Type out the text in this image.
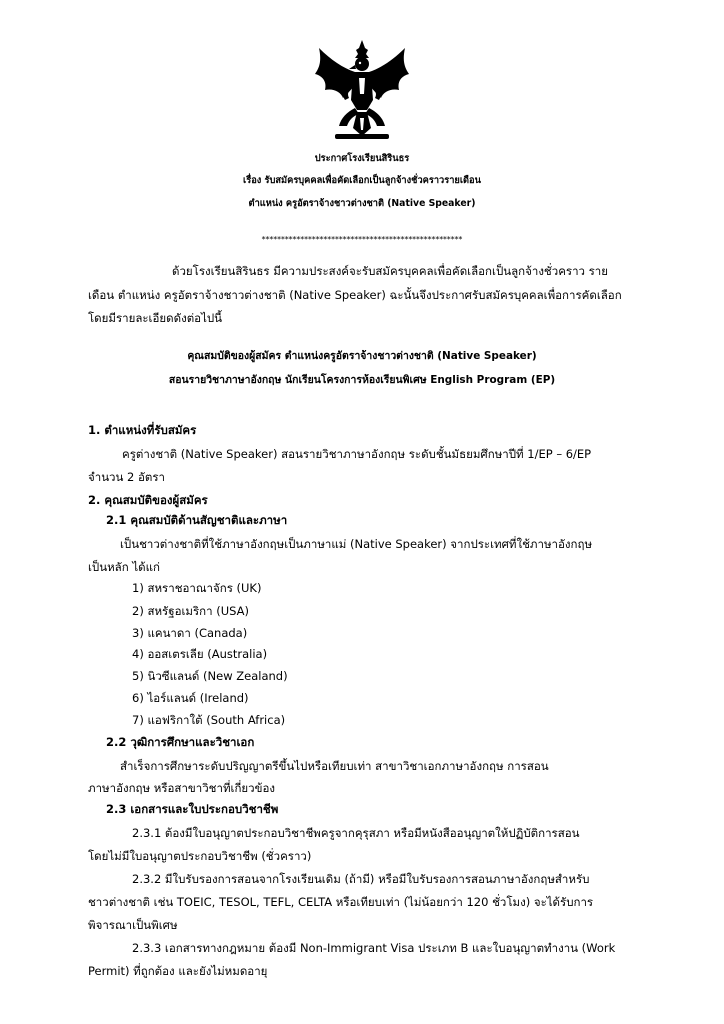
ประกาศโรงเรียนสิรินธร
เรื่อง รับสมัครบุคคลเพื่อคัดเลือกเป็นลูกจ้างชั่วคราวรายเดือน
ตำแหน่ง ครูอัตราจ้างชาวต่างชาติ (Native Speaker)
****************************************************
ด้วยโรงเรียนสิรินธร มีความประสงค์จะรับสมัครบุคคลเพื่อคัดเลือกเป็นลูกจ้างชั่วคราว ราย
เดือน ตำแหน่ง ครูอัตราจ้างชาวต่างชาติ (Native Speaker) ฉะนั้นจึงประกาศรับสมัครบุคคลเพื่อการคัดเลือก
โดยมีรายละเอียดดังต่อไปนี้
คุณสมบัติของผู้สมัคร ตำแหน่งครูอัตราจ้างชาวต่างชาติ (Native Speaker)
สอนรายวิชาภาษาอังกฤษ นักเรียนโครงการห้องเรียนพิเศษ English Program (EP)
1. ตำแหน่งที่รับสมัคร
ครูต่างชาติ (Native Speaker) สอนรายวิชาภาษาอังกฤษ ระดับชั้นมัธยมศึกษาปีที่ 1/EP – 6/EP
จำนวน 2 อัตรา
2. คุณสมบัติของผู้สมัคร
2.1 คุณสมบัติด้านสัญชาติและภาษา
เป็นชาวต่างชาติที่ใช้ภาษาอังกฤษเป็นภาษาแม่ (Native Speaker) จากประเทศที่ใช้ภาษาอังกฤษ
เป็นหลัก ได้แก่
1) สหราชอาณาจักร (UK)
2) สหรัฐอเมริกา (USA)
3) แคนาดา (Canada)
4) ออสเตรเลีย (Australia)
5) นิวซีแลนด์ (New Zealand)
6) ไอร์แลนด์ (Ireland)
7) แอฟริกาใต้ (South Africa)
2.2 วุฒิการศึกษาและวิชาเอก
สำเร็จการศึกษาระดับปริญญาตรีขึ้นไปหรือเทียบเท่า สาขาวิชาเอกภาษาอังกฤษ การสอน
ภาษาอังกฤษ หรือสาขาวิชาที่เกี่ยวข้อง
2.3 เอกสารและใบประกอบวิชาชีพ
2.3.1 ต้องมีใบอนุญาตประกอบวิชาชีพครูจากคุรุสภา หรือมีหนังสืออนุญาตให้ปฏิบัติการสอน
โดยไม่มีใบอนุญาตประกอบวิชาชีพ (ชั่วคราว)
2.3.2 มีใบรับรองการสอนจากโรงเรียนเดิม (ถ้ามี) หรือมีใบรับรองการสอนภาษาอังกฤษสำหรับ
ชาวต่างชาติ เช่น TOEIC, TESOL, TEFL, CELTA หรือเทียบเท่า (ไม่น้อยกว่า 120 ชั่วโมง) จะได้รับการ
พิจารณาเป็นพิเศษ
2.3.3 เอกสารทางกฎหมาย ต้องมี Non-Immigrant Visa ประเภท B และใบอนุญาตทำงาน (Work
Permit) ที่ถูกต้อง และยังไม่หมดอายุ
